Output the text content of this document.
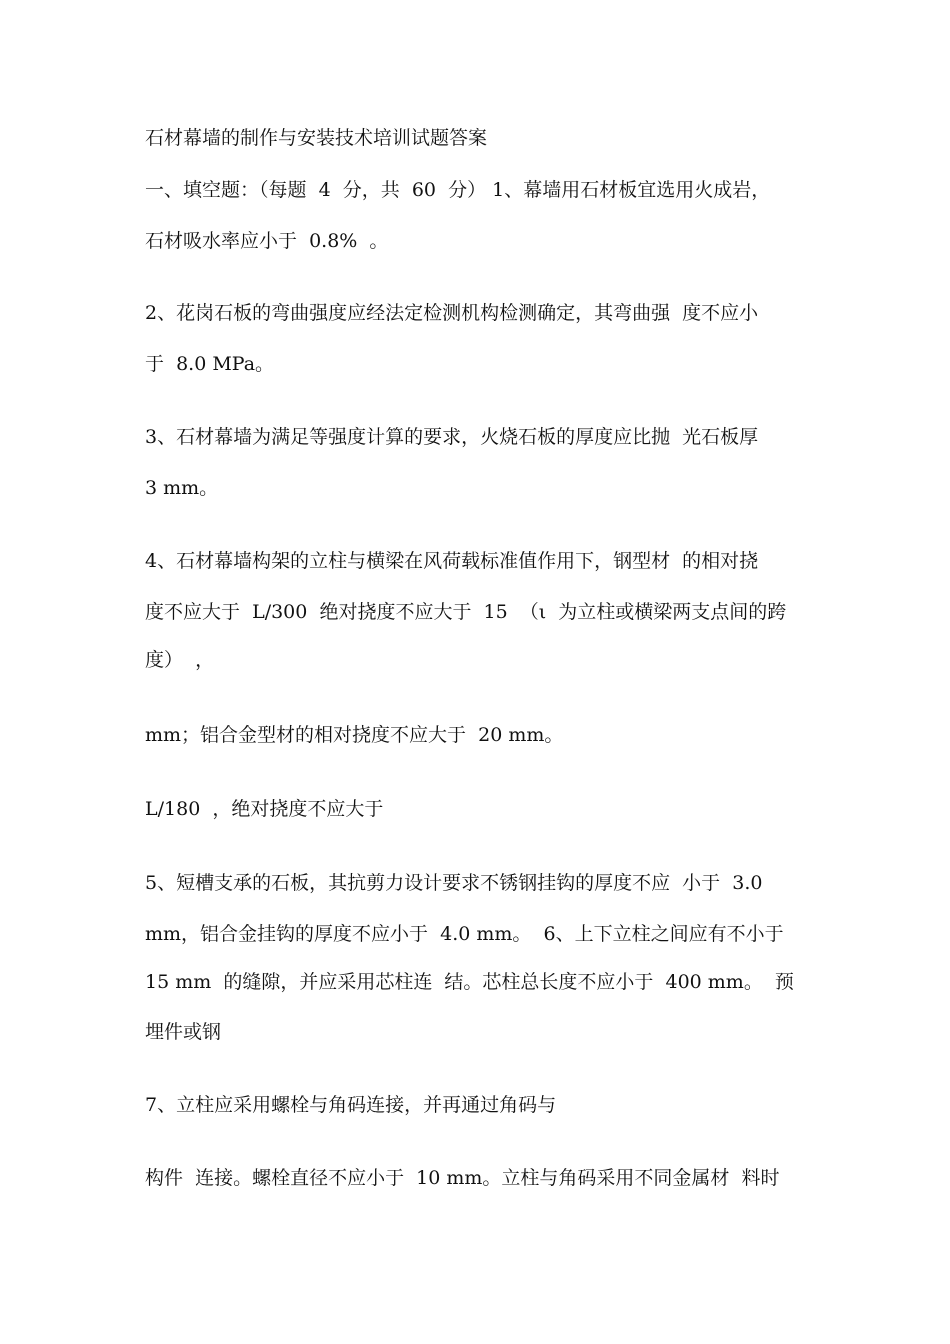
石材幕墙的制作与安装技术培训试题答案
一、填空题：（每题  4  分，共  60  分） 1、幕墙用石材板宜选用火成岩，
石材吸水率应小于  0.8%  。
2、花岗石板的弯曲强度应经法定检测机构检测确定，其弯曲强  度不应小
于  8.0 MPa。
3、石材幕墙为满足等强度计算的要求，火烧石板的厚度应比抛  光石板厚
3 mm。
4、石材幕墙构架的立柱与横梁在风荷载标准值作用下，钢型材  的相对挠
度不应大于  L/300  绝对挠度不应大于  15  （ι  为立柱或横梁两支点间的跨
度）  ，
mm；铝合金型材的相对挠度不应大于  20 mm。
L/180  ，绝对挠度不应大于
5、短槽支承的石板，其抗剪力设计要求不锈钢挂钩的厚度不应  小于  3.0
mm，铝合金挂钩的厚度不应小于  4.0 mm。  6、上下立柱之间应有不小于
15 mm  的缝隙，并应采用芯柱连  结。芯柱总长度不应小于  400 mm。  预
埋件或钢
7、立柱应采用螺栓与角码连接，并再通过角码与
构件  连接。螺栓直径不应小于  10 mm。立柱与角码采用不同金属材  料时
